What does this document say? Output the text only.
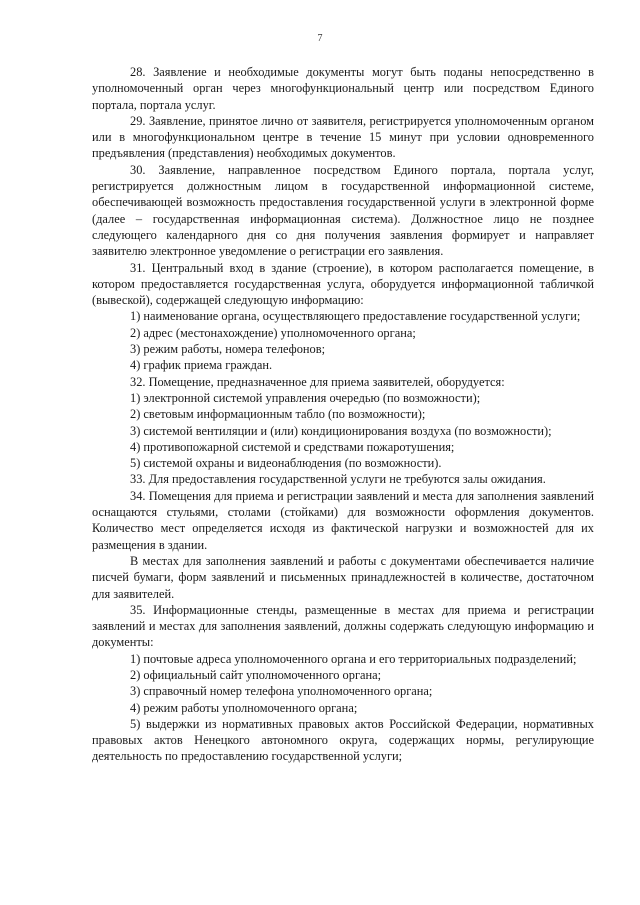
7

28. Заявление и необходимые документы могут быть поданы непосредственно в уполномоченный орган через многофункциональный центр или посредством Единого портала, портала услуг.

29. Заявление, принятое лично от заявителя, регистрируется уполномоченным органом или в многофункциональном центре в течение 15 минут при условии одновременного предъявления (представления) необходимых документов.

30. Заявление, направленное посредством Единого портала, портала услуг, регистрируется должностным лицом в государственной информационной системе, обеспечивающей возможность предоставления государственной услуги в электронной форме (далее – государственная информационная система). Должностное лицо не позднее следующего календарного дня со дня получения заявления формирует и направляет заявителю электронное уведомление о регистрации его заявления.

31. Центральный вход в здание (строение), в котором располагается помещение, в котором предоставляется государственная услуга, оборудуется информационной табличкой (вывеской), содержащей следующую информацию:

1) наименование органа, осуществляющего предоставление государственной услуги;

2) адрес (местонахождение) уполномоченного органа;

3) режим работы, номера телефонов;

4) график приема граждан.

32. Помещение, предназначенное для приема заявителей, оборудуется:

1) электронной системой управления очередью (по возможности);

2) световым информационным табло (по возможности);

3) системой вентиляции и (или) кондиционирования воздуха (по возможности);

4) противопожарной системой и средствами пожаротушения;

5) системой охраны и видеонаблюдения (по возможности).

33. Для предоставления государственной услуги не требуются залы ожидания.

34. Помещения для приема и регистрации заявлений и места для заполнения заявлений оснащаются стульями, столами (стойками) для возможности оформления документов. Количество мест определяется исходя из фактической нагрузки и возможностей для их размещения в здании.

В местах для заполнения заявлений и работы с документами обеспечивается наличие писчей бумаги, форм заявлений и письменных принадлежностей в количестве, достаточном для заявителей.

35. Информационные стенды, размещенные в местах для приема и регистрации заявлений и местах для заполнения заявлений, должны содержать следующую информацию и документы:

1) почтовые адреса уполномоченного органа и его территориальных подразделений;

2) официальный сайт уполномоченного органа;

3) справочный номер телефона уполномоченного органа;

4) режим работы уполномоченного органа;

5) выдержки из нормативных правовых актов Российской Федерации, нормативных правовых актов Ненецкого автономного округа, содержащих нормы, регулирующие деятельность по предоставлению государственной услуги;
